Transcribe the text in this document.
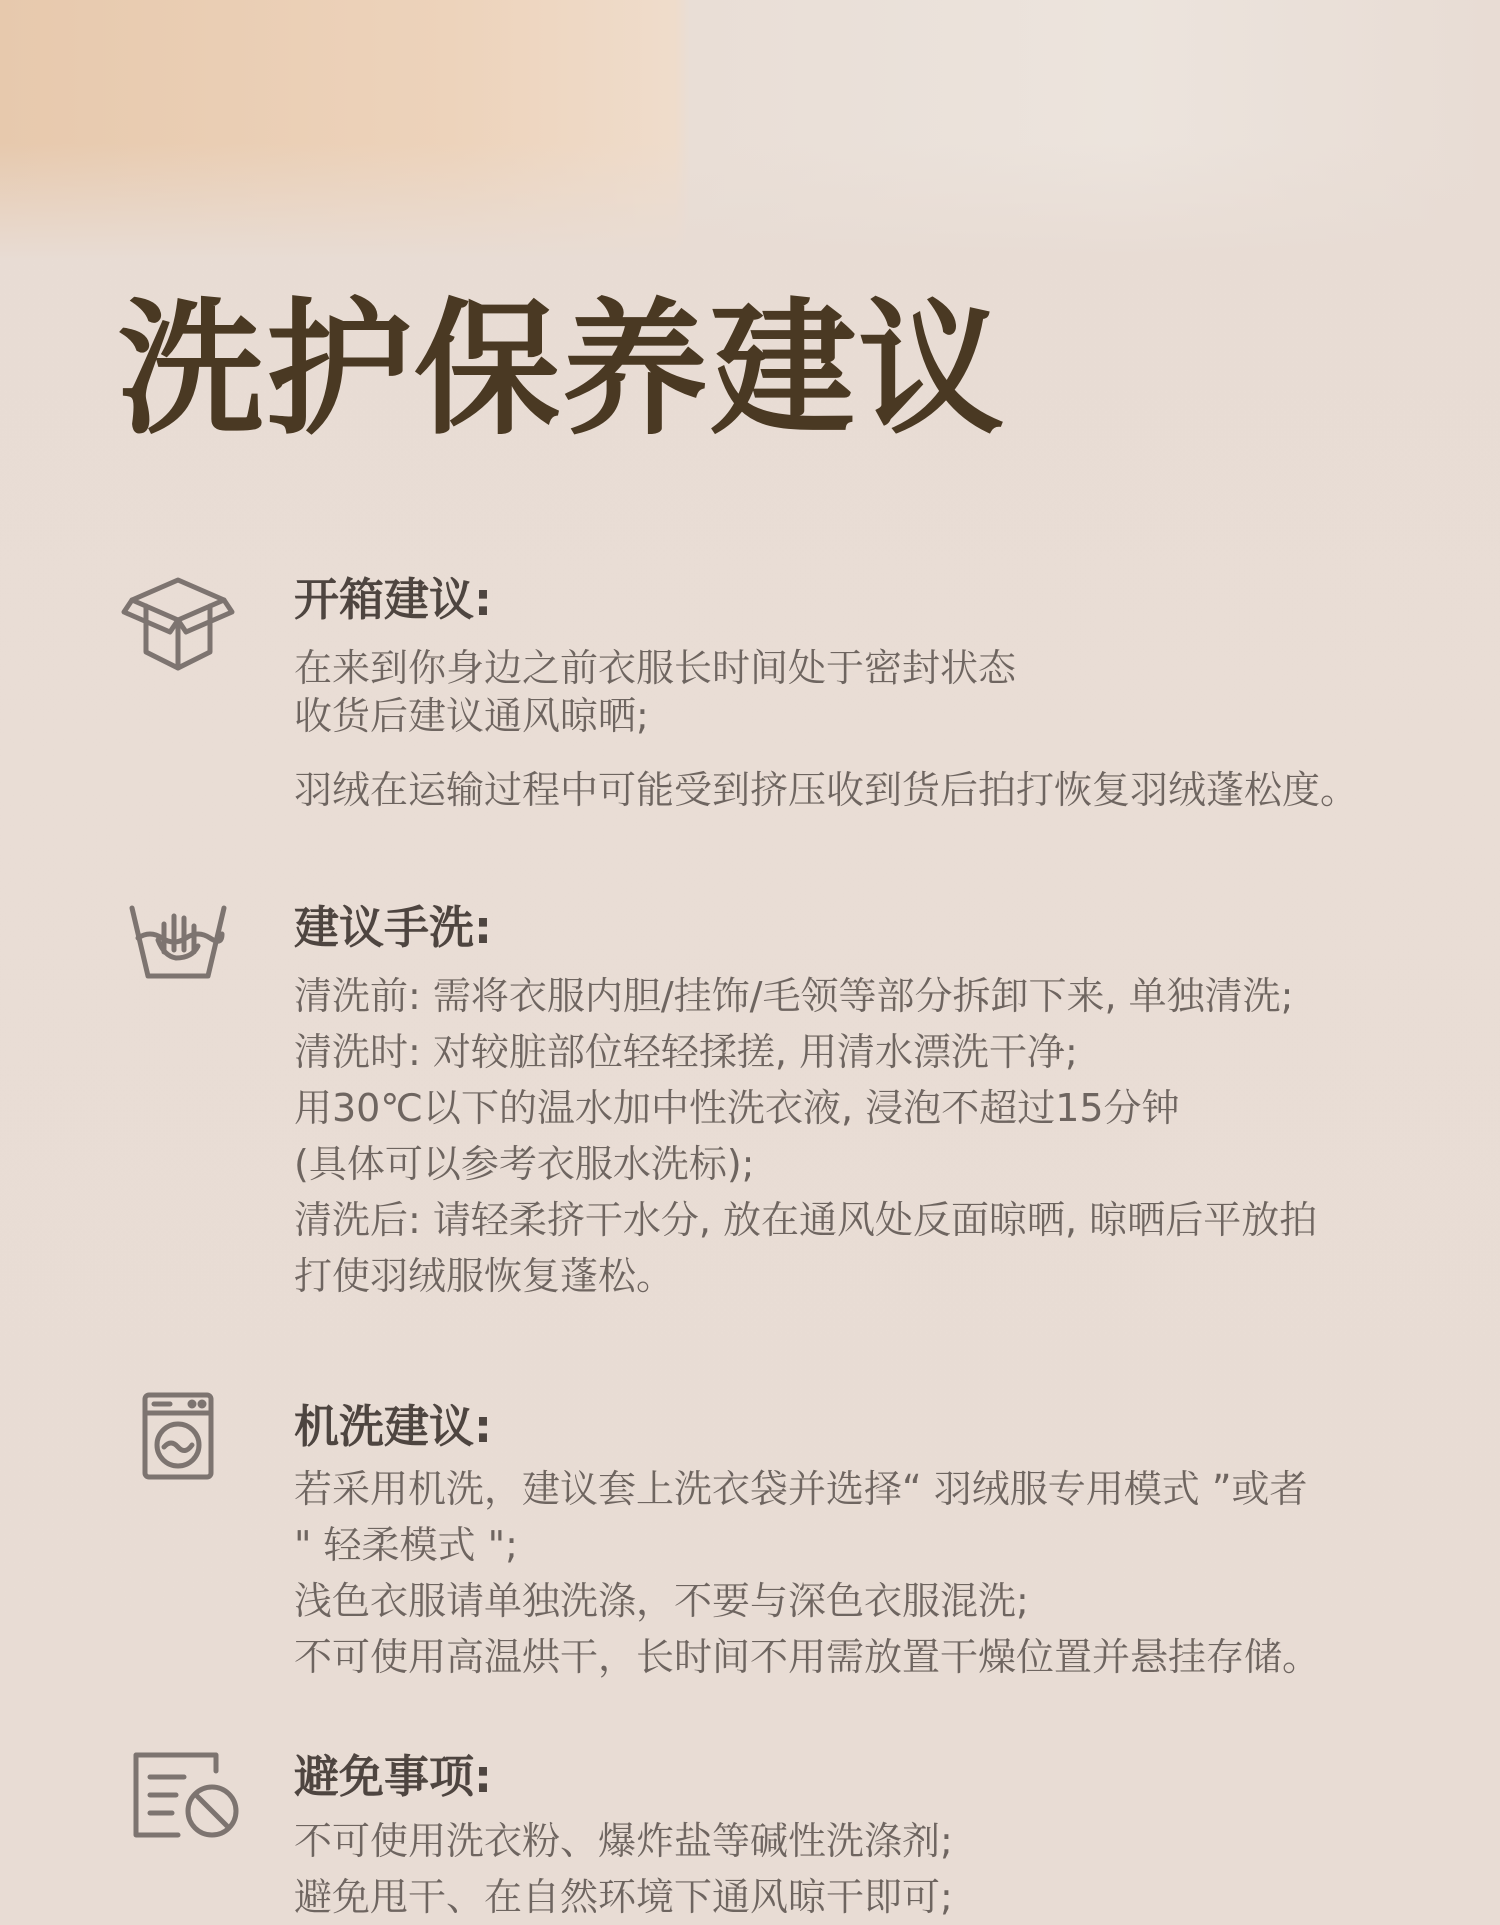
洗护保养建议
开箱建议:
在来到你身边之前衣服长时间处于密封状态
收货后建议通风晾晒;
羽绒在运输过程中可能受到挤压收到货后拍打恢复羽绒蓬松度。
建议手洗:
清洗前: 需将衣服内胆/挂饰/毛领等部分拆卸下来, 单独清洗;
清洗时: 对较脏部位轻轻揉搓, 用清水漂洗干净;
用30℃以下的温水加中性洗衣液, 浸泡不超过15分钟
(具体可以参考衣服水洗标);
清洗后: 请轻柔挤干水分, 放在通风处反面晾晒, 晾晒后平放拍
打使羽绒服恢复蓬松。
机洗建议:
若采用机洗，建议套上洗衣袋并选择“ 羽绒服专用模式 ”或者
" 轻柔模式 ";
浅色衣服请单独洗涤，不要与深色衣服混洗;
不可使用高温烘干，长时间不用需放置干燥位置并悬挂存储。
避免事项:
不可使用洗衣粉、爆炸盐等碱性洗涤剂;
避免甩干、在自然环境下通风晾干即可;
